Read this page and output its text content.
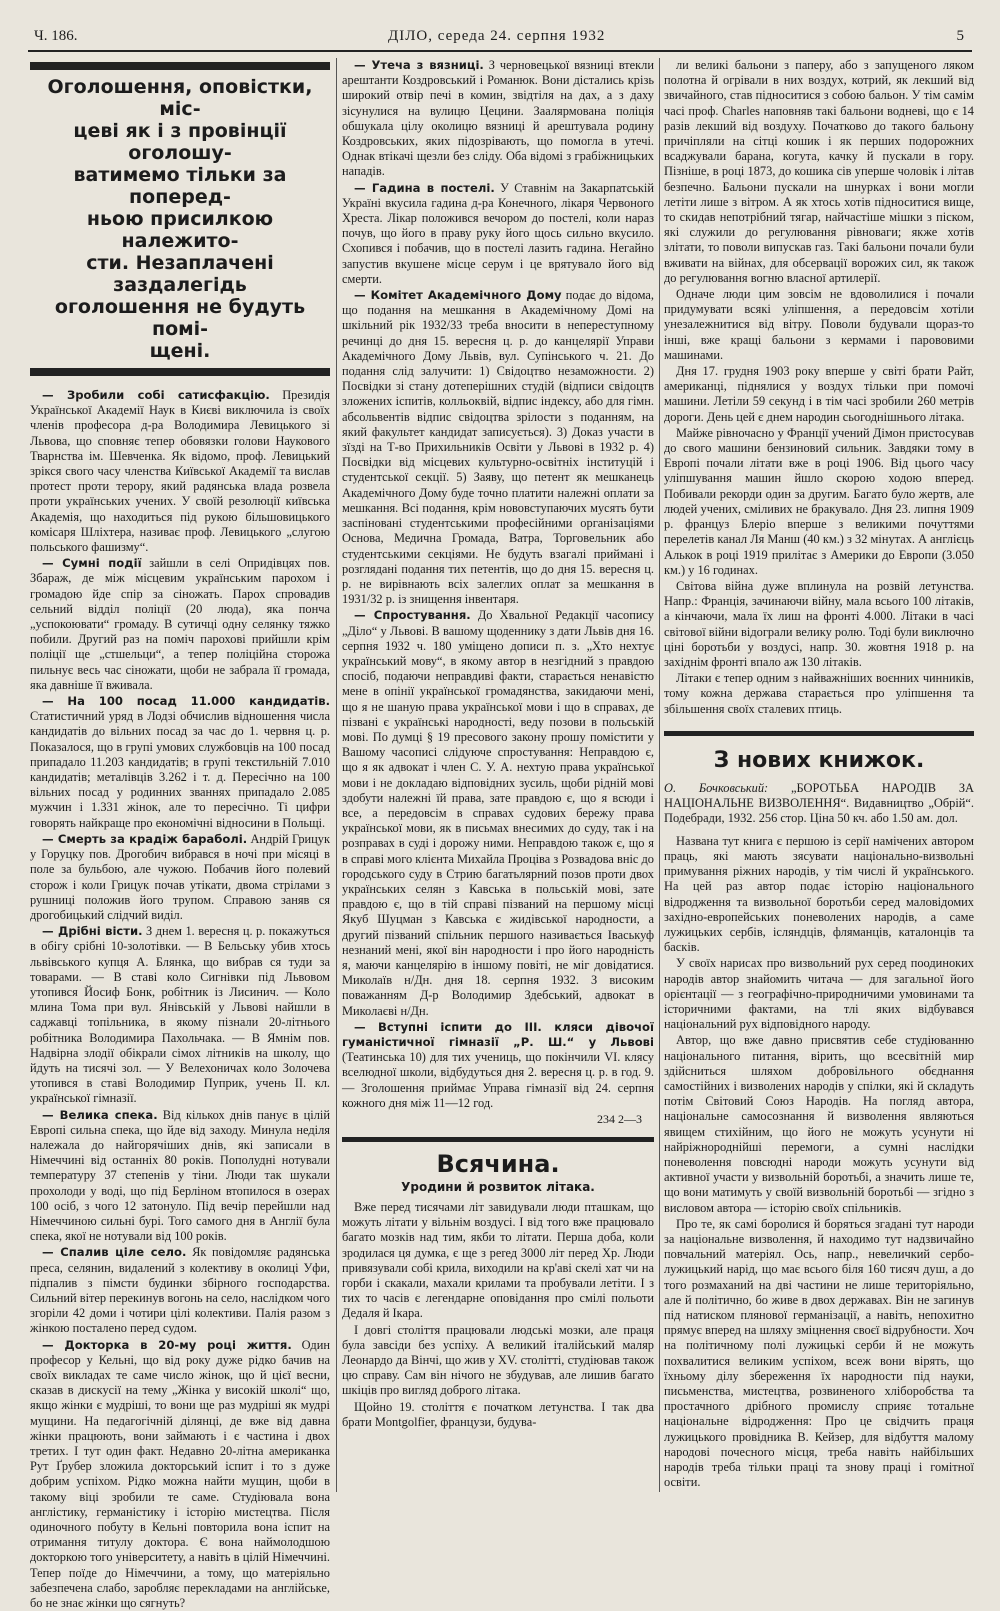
Ч. 186.	ДІЛО, середа 24. серпня 1932	5
Оголошення, оповістки, міс-
цеві як і з провінції оголошу-
ватимемо тільки за поперед-
ньою присилкою належито-
сти. Незаплачені заздалегідь
оголошення не будуть помі-
щені.

— Зробили собі сатисфакцію. Президія Української Академії Наук в Києві виключила із своїх членів професора д-ра Володимира Левицького зі Львова, що сповняє тепер обовязки голови Наукового Тварнства ім. Шевченка. Як відомо, проф. Левицький зрікся свого часу членства Київської Академії та вислав протест проти терору, який радянська влада розвела проти українських учених. У своїй резолюції київська Академія, що находиться під рукою більшовицького комісаря Шліхтера, називає проф. Левицького „слугою польського фашизму“.

— Сумні події зайшли в селі Опридівцях пов. Збараж, де між місцевим українським парохом і громадою йде спір за сіножать. Парох спровадив сельний відділ поліції (20 люда), яка понча „успокоювати“ громаду. В сутичці одну селянку тяжко побили. Другий раз на поміч парохові прийшли крім поліції ще „стшельци“, а тепер поліційна сторожа пильнує весь час сіножати, щоби не забрала її громада, яка давніше її вживала.

— На 100 посад 11.000 кандидатів. Статистичний уряд в Лодзі обчислив відношення числа кандидатів до вільних посад за час до 1. червня ц. р. Показалося, що в групі умових службовців на 100 посад припадало 11.203 кандидатів; в групі текстильній 7.010 кандидатів; металівців 3.262 і т. д. Пересічно на 100 вільних посад у родинних званнях припадало 2.085 мужчин і 1.331 жінок, але то пересічно. Ті цифри говорять найкраще про економічні відносини в Польщі.

— Смерть за крадіж бараболі. Андрій Грицук у Горуцку пов. Дрогобич вибрався в ночі при місяці в поле за бульбою, але чужою. Побачив його полевий сторож і коли Грицук почав утікати, двома стрілами з рушниці положив його трупом. Справою заняв ся дрогобицький слідчий виділ.

— Дрібні вісти. З днем 1. вересня ц. р. покажуться в обігу срібні 10-золотівки. — В Бельську убив хтось львівського купця А. Блянка, що вибрав ся туди за товарами. — В ставі коло Сигнівки під Львовом утопився Йосиф Бонк, робітник із Лисинич. — Коло млина Тома при вул. Янівській у Львові найшли в саджавці топільника, в якому пізнали 20-літнього робітника Володимира Пахольчака. — В Ямнім пов. Надвірна злодії обікрали сімох літників на школу, що йдуть на тисячі зол. — У Велехоничах коло Золочева утопився в ставі Володимир Пуприк, учень II. кл. української гімназії.

— Велика спека. Від кількох днів панує в цілій Европі сильна спека, що йде від заходу. Минула неділя належала до найгорячіших днів, які записали в Німеччині від останніх 80 років. Пополудні нотували температуру 37 степенів у тіни. Люди так шукали прохолоди у воді, що під Берліном втопилося в озерах 100 осіб, з чого 12 затонуло. Під вечір перейшли над Німеччиною сильні бурі. Того самого дня в Англії була спека, якої не нотували від 100 років.

— Спалив ціле село. Як повідомляє радянська преса, селянин, видалений з колективу в околиці Уфи, підпалив з пімсти будинки збірного господарства. Сильний вітер перекинув вогонь на село, наслідком чого згоріли 42 доми і чотири цілі колективи. Палія разом з жінкою посталено перед судом.

— Докторка в 20-му році життя. Один професор у Кельні, що від року дуже рідко бачив на своїх викладах те саме число жінок, що й цієї весни, сказав в дискусії на тему „Жінка у високій школі“ що, якщо жінки є мудріші, то вони ще раз мудріші як мудрі мущини. На педагогічній ділянці, де вже від давна жінки працюють, вони займають і є частина і двох третих. І тут один факт. Недавно 20-літна американка Рут Ґрубер зложила докторський іспит і то з дуже добрим успіхом. Рідко можна найти мущин, щоби в такому віці зробили те саме. Студіювала вона англістику, германістику і історію мистецтва. Після одиночного побуту в Кельні повторила вона іспит на отримання титулу доктора. Є вона наймолодшою докторкою того університету, а навіть в цілій Німеччині. Тепер поїде до Німеччини, а тому, що матеріяльно забезпечена слабо, заробляє перекладами на англійське, бо не знає жінки що сягнуть?

— Утеча з вязниці. З черновецької вязниці втекли арештанти Коздровський і Романюк. Вони дістались крізь широкий отвір печі в комин, звідтіля на дах, а з даху зісунулися на вулицю Цецини. Заалярмована поліція обшукала цілу околицю вязниці й арештувала родину Коздровських, яких підозрівають, що помогла в утечі. Однак втікачі щезли без сліду. Оба відомі з грабіжницьких нападів.

— Гадина в постелі. У Ставнім на Закарпатській Україні вкусила гадина д-ра Конечного, лікаря Червоного Хреста. Лікар положився вечором до постелі, коли нараз почув, що його в праву руку його щось сильно вкусило. Схопився і побачив, що в постелі лазить гадина. Негайно запустив вкушене місце серум і це врятувало його від смерти.

— Комітет Академічного Дому подає до відома, що подання на мешкання в Академічному Домі на шкільний рік 1932/33 треба вносити в непереступному речинці до дня 15. вересня ц. р. до канцелярії Управи Академічного Дому Львів, вул. Супінського ч. 21. До подання слід залучити: 1) Свідоцтво незаможности. 2) Посвідки зі стану дотеперішних студій (відписи свідоцтв зложених іспитів, колльоквій, відпис індексу, або для гімн. абсольвентів відпис свідоцтва зрілости з поданням, на який факультет кандидат записується). 3) Доказ участи в зїзді на Т-во Прихильників Освіти у Львові в 1932 р. 4) Посвідки від місцевих культурно-освітніх інституцій і студентської секції. 5) Заяву, що петент як мешканець Академічного Дому буде точно платити належні оплати за мешкання. Всі подання, крім нововступаючих мусять бути заспіновані студентськими професійними організаціями Основа, Медична Громада, Ватра, Торговельник або студентськими секціями. Не будуть взагалі приймані і розглядані подання тих петентів, що до дня 15. вересня ц. р. не вирівнають всіх залеглих оплат за мешкання в 1931/32 р. із знищення інвентаря.

— Спростування. До Хвальної Редакції часопису „Діло“ у Львові. В вашому щоденнику з дати Львів дня 16. серпня 1932 ч. 180 уміщено дописи п. з. „Хто нехтує український мову“, в якому автор в незгідний з правдою спосіб, подаючи неправдиві факти, старається ненавістю мене в опінії української громадянства, закидаючи мені, що я не шаную права української мови і що в справах, де пізвані є українські народності, веду позови в польській мові. По думці § 19 пресового закону прошу помістити у Вашому часописі слідуюче спростування: Неправдою є, що я як адвокат і член С. У. А. нехтую права української мови і не докладаю відповідних зусиль, щоби рідній мові здобути належні їй права, зате правдою є, що я всюди і все, а передовсім в справах судових бережу права української мови, як в письмах внесимих до суду, так і на розправах в суді і дорожу ними. Неправдою також є, що я в справі мого клієнта Михайла Проціва з Розвадова вніс до городського суду в Стрию багатьлярний позов проти двох українських селян з Кавська в польській мові, зате правдою є, що в тій справі пізваний на першому місці Якуб Шуцман з Кавська є жидівської народности, а другий пізваний спільник першого називається Іваськуф незнаний мені, якої він народности і про його народність я, маючи канцелярію в іншому повіті, не міг довідатися. Миколаїв н/Дн. дня 18. серпня 1932. З високим поважанням Д-р Володимир Здебський, адвокат в Миколаєві н/Дн.

— Вступні іспити до III. кляси дівочої гуманістичної гімназії „Р. Ш.“ у Львові (Театинська 10) для тих учениць, що покінчили VI. клясу вселюдної школи, відбудуться дня 2. вересня ц. р. в год. 9. — Зголошення приймає Управа гімназії від 24. серпня кожного дня між 11—12 год.

234 2—3
Всячина.
Уродини й розвиток літака.

Вже перед тисячами літ завидували люди пташкам, що можуть літати у вільнім воздусі. І від того вже працювало багато мозків над тим, якби то літати. Перша доба, коли зродилася ця думка, є ще з perед 3000 літ перед Хр. Люди привязували собі крила, виходили на кр'аві скелі хат чи на горби і скакали, махали крилами та пробували летіти. І з тих то часів є легендарне оповідання про смілі польоти Дедаля й Ікара.

І довгі століття працювали людські мозки, але праця була завсіди без успіху. А великий італійський маляр Леонардо да Вінчі, що жив у XV. столітті, студіював також цю справу. Сам він нічого не збудував, але лишив багато шкіців про вигляд доброго літака.

Щойно 19. століття є початком летунства. І так два брати Montgolfier, французи, будува-

ли великі бальони з паперу, або з запущеного ляком полотна й огрівали в них воздух, котрий, як лекший від звичайного, став підноситися з собою бальон. У тім самім часі проф. Charles наповняв такі бальони водневі, що є 14 разів лекший від воздуху. Початково до такого бальону причіпляли на сітці кошик і як перших подорожних всаджували барана, когута, качку й пускали в гору. Пізніше, в році 1873, до кошика сів уперше чоловік і літав безпечно. Бальони пускали на шнурках і вони могли летіти лише з вітром. А як хтось хотів підноситися вище, то скидав непотрібний тягар, найчастіше мішки з піском, які служили до регулювання рівноваги; якже хотів злітати, то поволи випускав газ. Такі бальони почали були вживати на війнах, для обсервації ворожих сил, як також до регулювання вогню власної артилерії.

Одначе люди цим зовсім не вдоволилися і почали придумувати всякі уліпшення, а передовсім хотіли унезалежнитися від вітру. Поволи будували щораз-то інші, вже кращі бальони з кермами і парововими машинами.

Дня 17. грудня 1903 року вперше у світі брати Райт, американці, піднялися у воздух тільки при помочі машини. Летіли 59 секунд і в тім часі зробили 260 метрів дороги. День цей є днем народин сьогоднішнього літака.

Майже рівночасно у Франції учений Дімон пристосував до свого машини бензиновий сильник. Завдяки тому в Европі почали літати вже в році 1906. Від цього часу уліпшування машин йшло скорою ходою вперед. Побивали рекорди один за другим. Багато було жертв, але людей учених, сміливих не бракувало. Дня 23. липня 1909 р. француз Блеріо вперше з великими почуттями перелетів канал Ля Манш (40 км.) з 32 мінутах. А англієць Алькок в році 1919 прилітає з Америки до Европи (3.050 км.) у 16 годинах.

Світова війна дуже вплинула на розвій летунства. Напр.: Франція, зачинаючи війну, мала всього 100 літаків, а кінчаючи, мала їх лиш на фронті 4.000. Літаки в часі світової війни відограли велику ролю. Тоді були виключно ціні боротьби у воздусі, напр. 30. жовтня 1918 р. на західнім фронті впало аж 130 літаків.

Літаки є тепер одним з найважніших воєнних чинників, тому кожна держава старається про уліпшення та збільшення своїх сталевих птиць.

З нових книжок.
О. Бочковський: „БОРОТЬБА НАРОДІВ ЗА НАЦІОНАЛЬНЕ ВИЗВОЛЕННЯ“. Видавництво „Обрій“. Подебради, 1932. 256 стор. Ціна 50 кч. або 1.50 ам. дол.

Названа тут книга є першою із серії намічених автором праць, які мають зясувати національно-визвольні примування ріжних народів, у тім числі й українського. На цей раз автор подає історію національного відродження та визвольної боротьби серед маловідомих західно-европейських поневолених народів, а саме лужицьких сербів, ісляндців, фляманців, каталонців та басків.

У своїх нарисах про визвольний рух серед поодиноких народів автор знайомить читача — для загальної його орієнтації — з географічно-природничими умовинами та історичними фактами, на тлі яких відбувався національний рух відповідного народу.

Автор, що вже давно присвятив себе студіюванню національного питання, вірить, що всесвітній мир здійсниться шляхом добровільного обєднання самостійних і визволених народів у спілки, які й складуть потім Світовий Союз Народів. На погляд автора, національне самосознання й визволення являються явищем стихійним, що його не можуть усунути ні найріжнороднійші перемоги, а сумні наслідки поневолення повсюдні народи можуть усунути від активної участи у визвольній боротьбі, а значить лише те, що вони матимуть у своїй визвольній боротьбі — згідно з висловом автора — історію своїх спільників.

Про те, як самі боролися й боряться згадані тут народи за національне визволення, й находимо тут надзвичайно повчальний матеріял. Ось, напр., невеличкий сербо-лужицький нарід, що має всього біля 160 тисяч душ, а до того розмаханий на дві частини не лише територіяльно, але й політично, бо живе в двох державах. Він не загинув під натиском плянової германізації, а навіть, непохитно прямує вперед на шляху зміцнення своєї відрубности. Хоч на політичному полі лужицькі серби й не можуть похвалитися великим успіхом, всеж вони вірять, що їхньому ділу збереження їх народности під науки, письменства, мистецтва, розвиненого хліборобства та простачного дрібного промислу сприяє тотальне національне відродження: Про це свідчить праця лужицького провідника В. Кейзер, для відбуття малому народові почесного місця, треба навіть найбільших народів треба тільки праці та знову праці і гомітної освіти.
